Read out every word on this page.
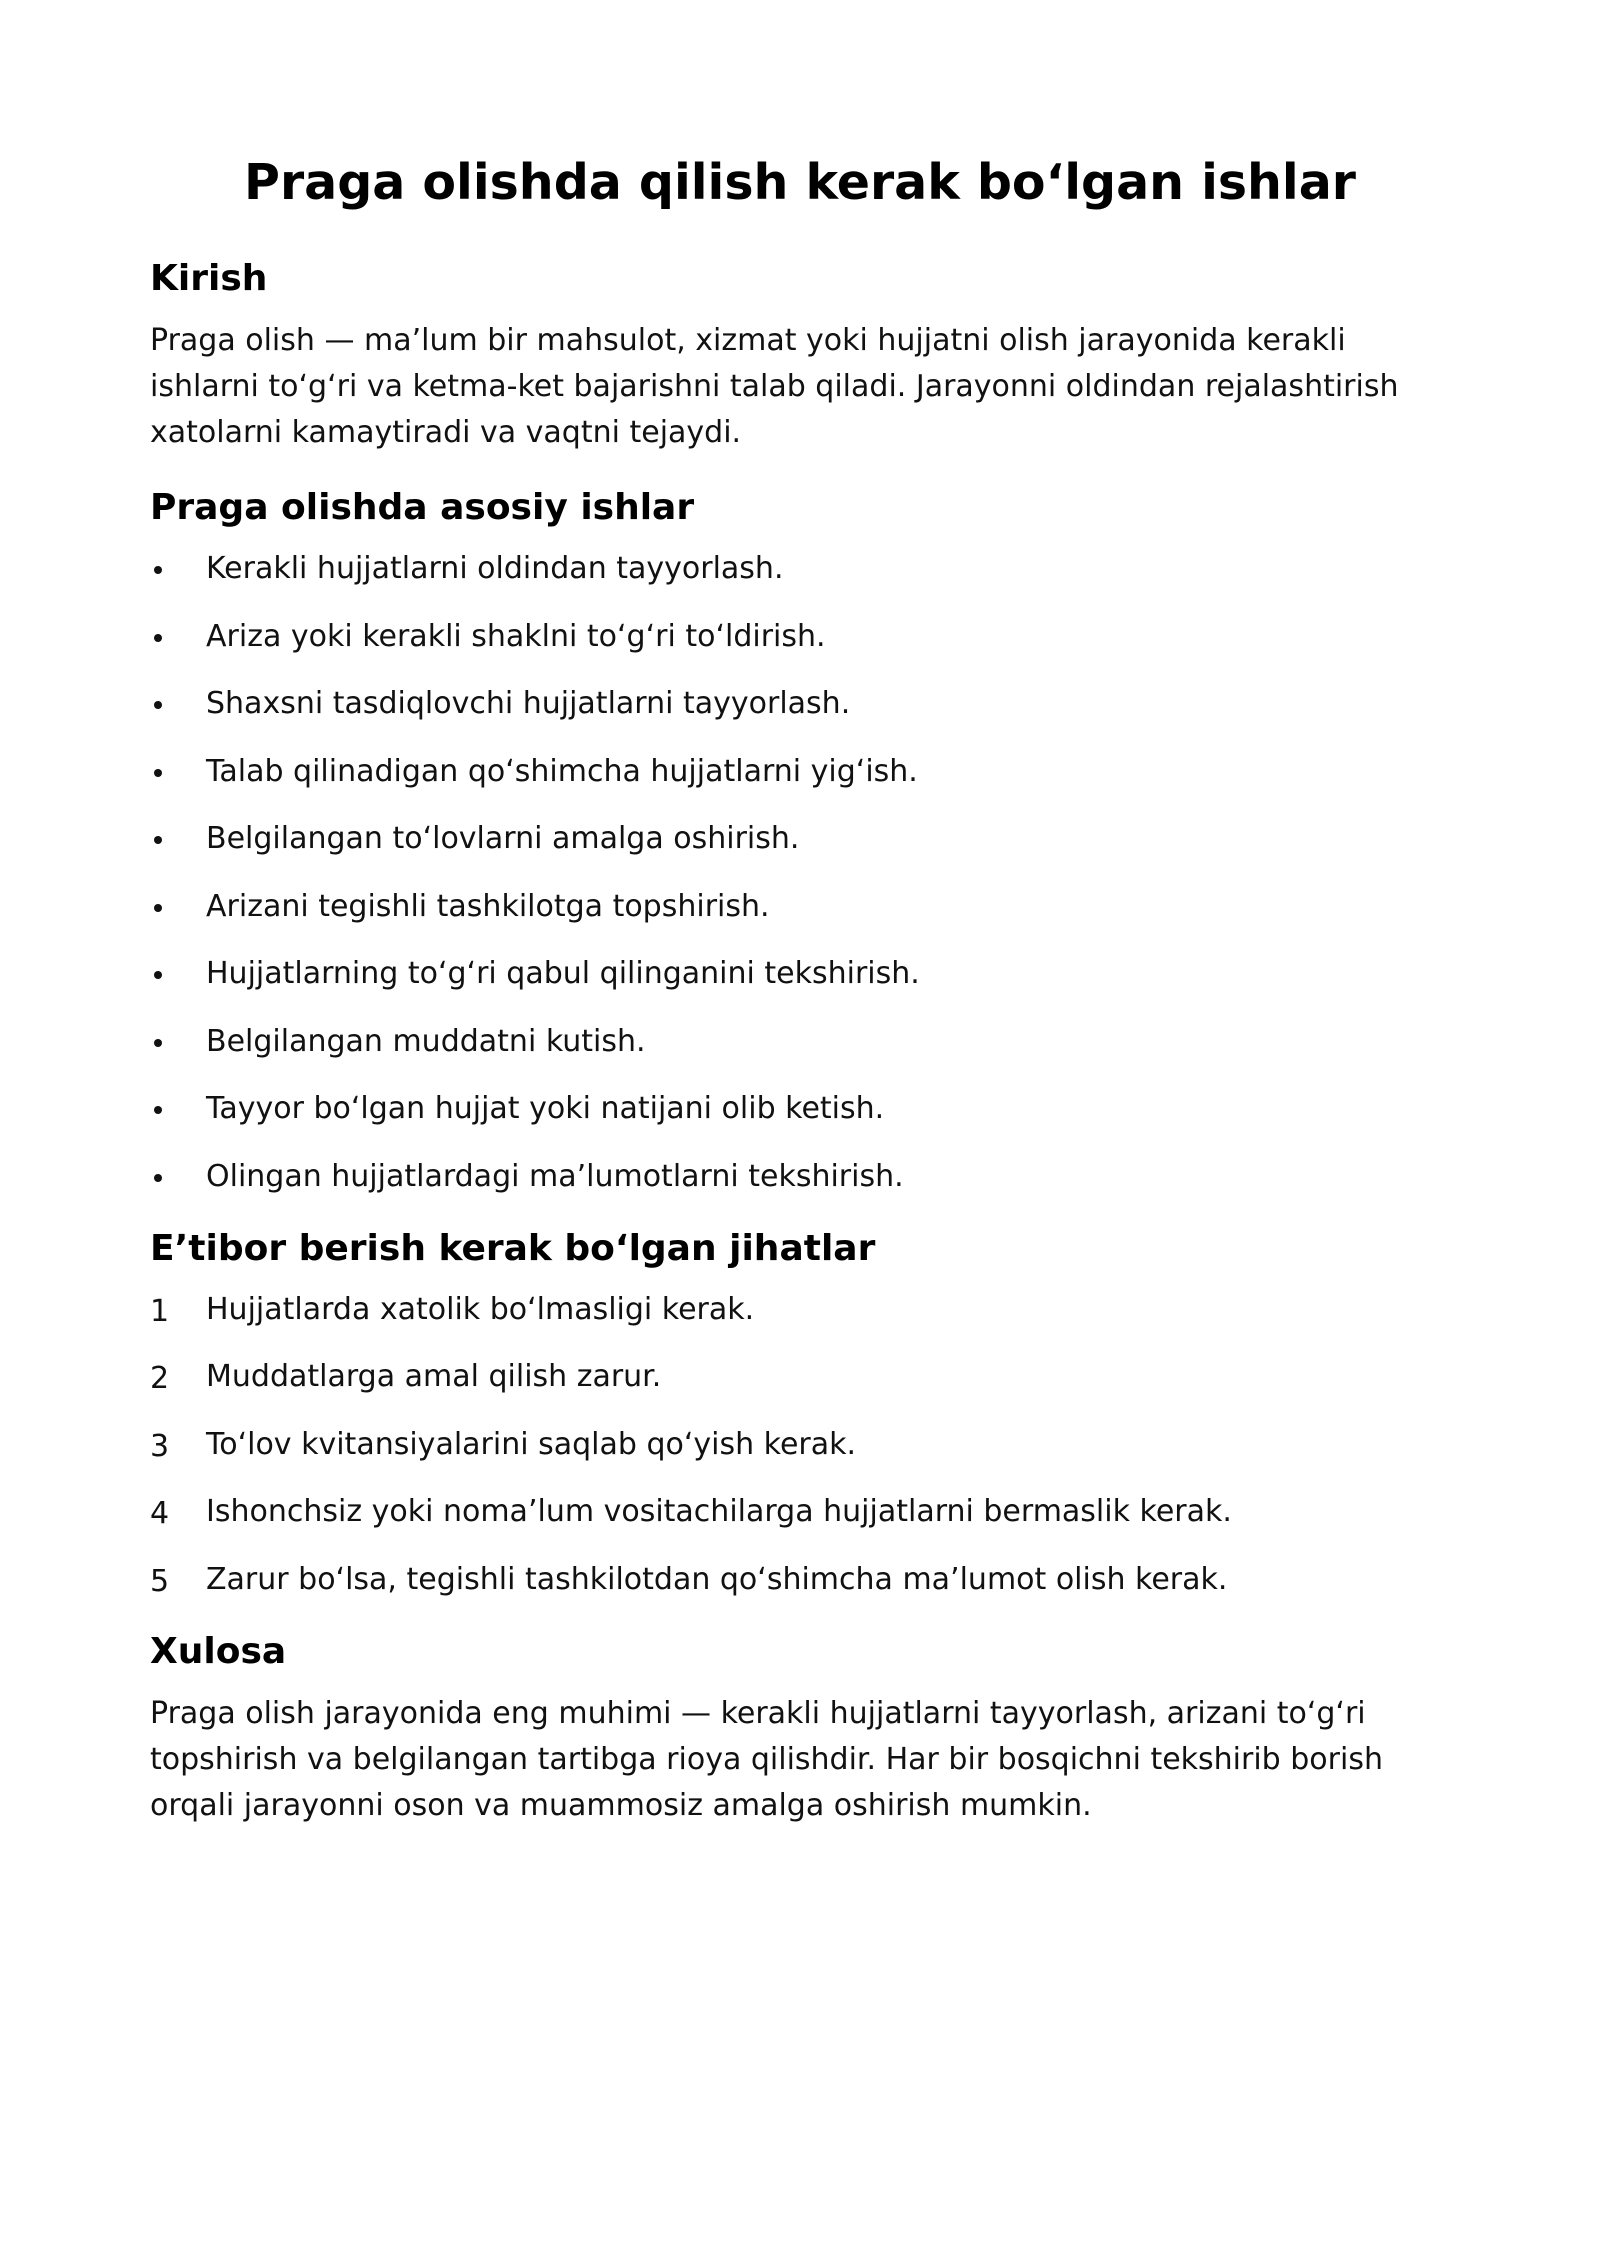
Praga olishda qilish kerak bo‘lgan ishlar
Kirish

Praga olish — ma’lum bir mahsulot, xizmat yoki hujjatni olish jarayonida kerakli ishlarni to‘g‘ri va ketma-ket bajarishni talab qiladi. Jarayonni oldindan rejalashtirish xatolarni kamaytiradi va vaqtni tejaydi.

Praga olishda asosiy ishlar
Kerakli hujjatlarni oldindan tayyorlash.
Ariza yoki kerakli shaklni to‘g‘ri to‘ldirish.
Shaxsni tasdiqlovchi hujjatlarni tayyorlash.
Talab qilinadigan qo‘shimcha hujjatlarni yig‘ish.
Belgilangan to‘lovlarni amalga oshirish.
Arizani tegishli tashkilotga topshirish.
Hujjatlarning to‘g‘ri qabul qilinganini tekshirish.
Belgilangan muddatni kutish.
Tayyor bo‘lgan hujjat yoki natijani olib ketish.
Olingan hujjatlardagi ma’lumotlarni tekshirish.
E’tibor berish kerak bo‘lgan jihatlar
1	Hujjatlarda xatolik bo‘lmasligi kerak.
2	Muddatlarga amal qilish zarur.
3	To‘lov kvitansiyalarini saqlab qo‘yish kerak.
4	Ishonchsiz yoki noma’lum vositachilarga hujjatlarni bermaslik kerak.
5	Zarur bo‘lsa, tegishli tashkilotdan qo‘shimcha ma’lumot olish kerak.
Xulosa

Praga olish jarayonida eng muhimi — kerakli hujjatlarni tayyorlash, arizani to‘g‘ri topshirish va belgilangan tartibga rioya qilishdir. Har bir bosqichni tekshirib borish orqali jarayonni oson va muammosiz amalga oshirish mumkin.
